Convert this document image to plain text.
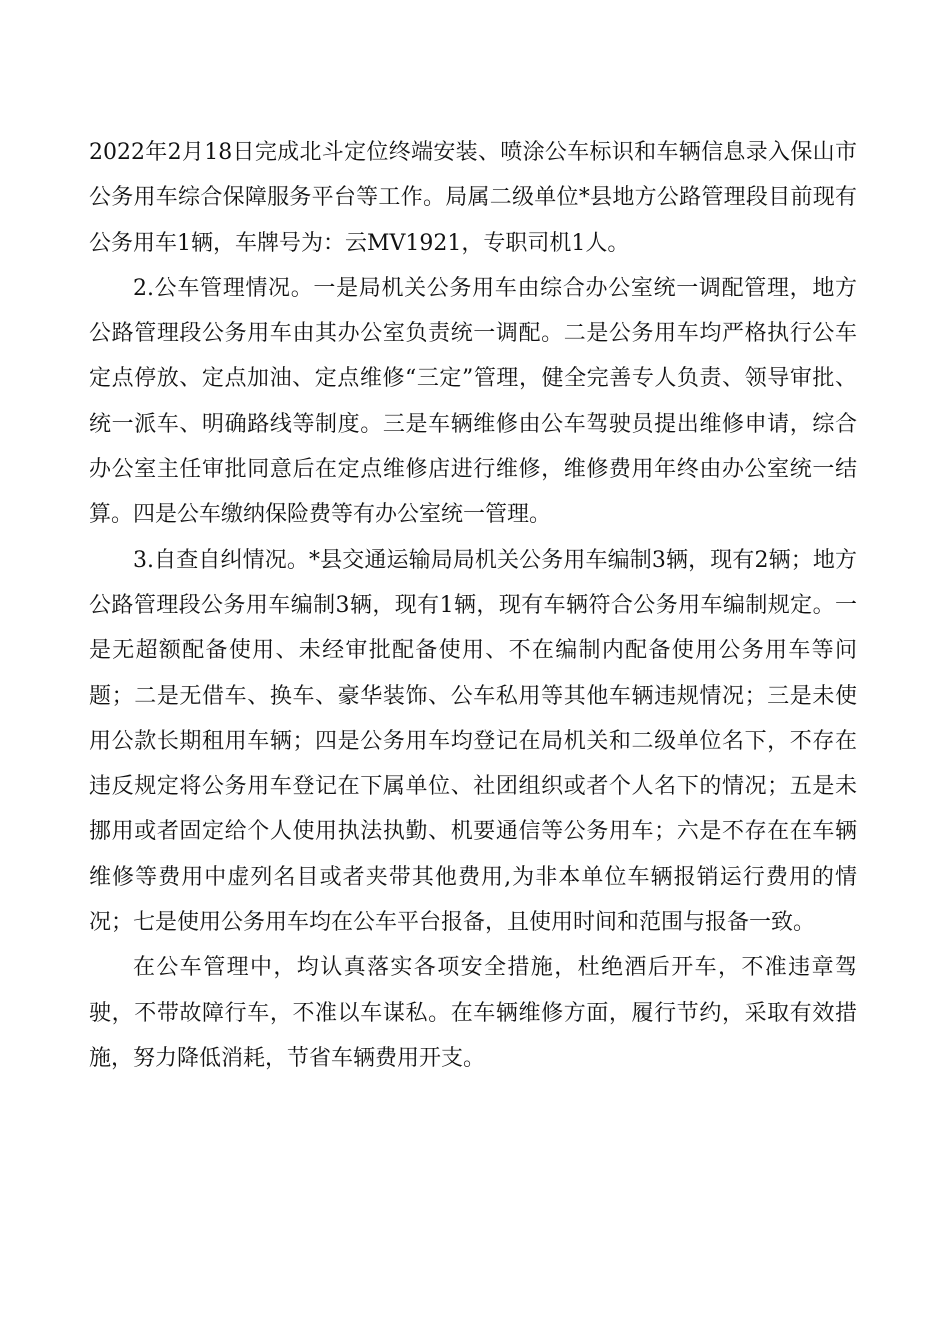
2022年2月18日完成北斗定位终端安装、喷涂公车标识和车辆信息录入保山市公务用车综合保障服务平台等工作。局属二级单位*县地方公路管理段目前现有公务用车1辆，车牌号为：云MV1921，专职司机1人。

2.公车管理情况。一是局机关公务用车由综合办公室统一调配管理，地方公路管理段公务用车由其办公室负责统一调配。二是公务用车均严格执行公车定点停放、定点加油、定点维修“三定”管理，健全完善专人负责、领导审批、统一派车、明确路线等制度。三是车辆维修由公车驾驶员提出维修申请，综合办公室主任审批同意后在定点维修店进行维修，维修费用年终由办公室统一结算。四是公车缴纳保险费等有办公室统一管理。

3.自查自纠情况。*县交通运输局局机关公务用车编制3辆，现有2辆；地方公路管理段公务用车编制3辆，现有1辆，现有车辆符合公务用车编制规定。一是无超额配备使用、未经审批配备使用、不在编制内配备使用公务用车等问题；二是无借车、换车、豪华装饰、公车私用等其他车辆违规情况；三是未使用公款长期租用车辆；四是公务用车均登记在局机关和二级单位名下，不存在违反规定将公务用车登记在下属单位、社团组织或者个人名下的情况；五是未挪用或者固定给个人使用执法执勤、机要通信等公务用车；六是不存在在车辆维修等费用中虚列名目或者夹带其他费用,为非本单位车辆报销运行费用的情况；七是使用公务用车均在公车平台报备，且使用时间和范围与报备一致。

在公车管理中，均认真落实各项安全措施，杜绝酒后开车，不准违章驾驶，不带故障行车，不准以车谋私。在车辆维修方面，履行节约，采取有效措施，努力降低消耗，节省车辆费用开支。
